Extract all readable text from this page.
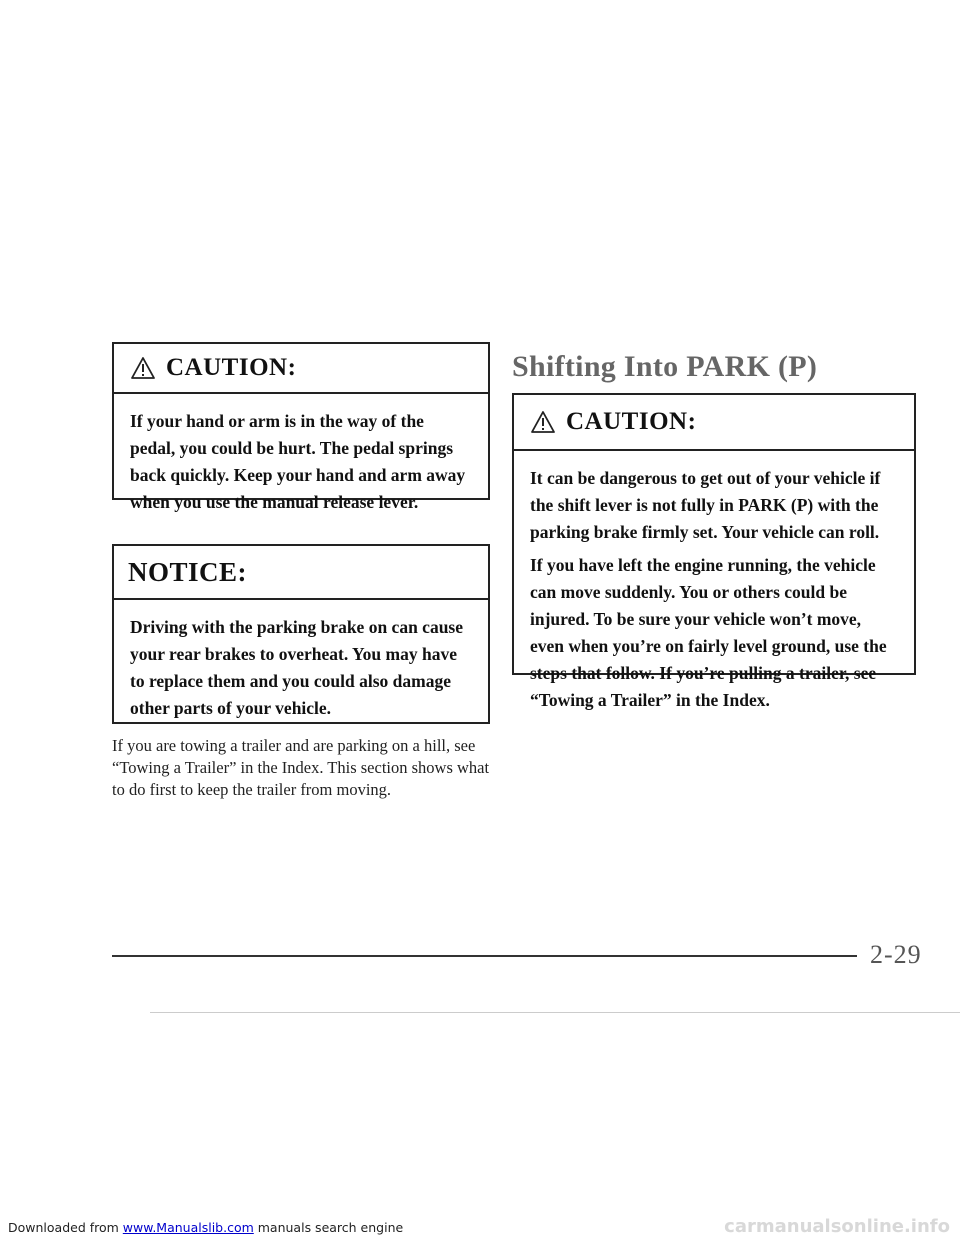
CAUTION:

If your hand or arm is in the way of the pedal, you could be hurt. The pedal springs back quickly. Keep your hand and arm away when you use the manual release lever.

NOTICE:

Driving with the parking brake on can cause your rear brakes to overheat. You may have to replace them and you could also damage other parts of your vehicle.

If you are towing a trailer and are parking on a hill, see “Towing a Trailer” in the Index. This section shows what to do first to keep the trailer from moving.
Shifting Into PARK (P)
CAUTION:

It can be dangerous to get out of your vehicle if the shift lever is not fully in PARK (P) with the parking brake firmly set. Your vehicle can roll.

If you have left the engine running, the vehicle can move suddenly. You or others could be injured. To be sure your vehicle won’t move, even when you’re on fairly level ground, use the steps that follow. If you’re pulling a trailer, see “Towing a Trailer” in the Index.

2-29
Downloaded from www.Manualslib.com manuals search engine	carmanualsonline.info
